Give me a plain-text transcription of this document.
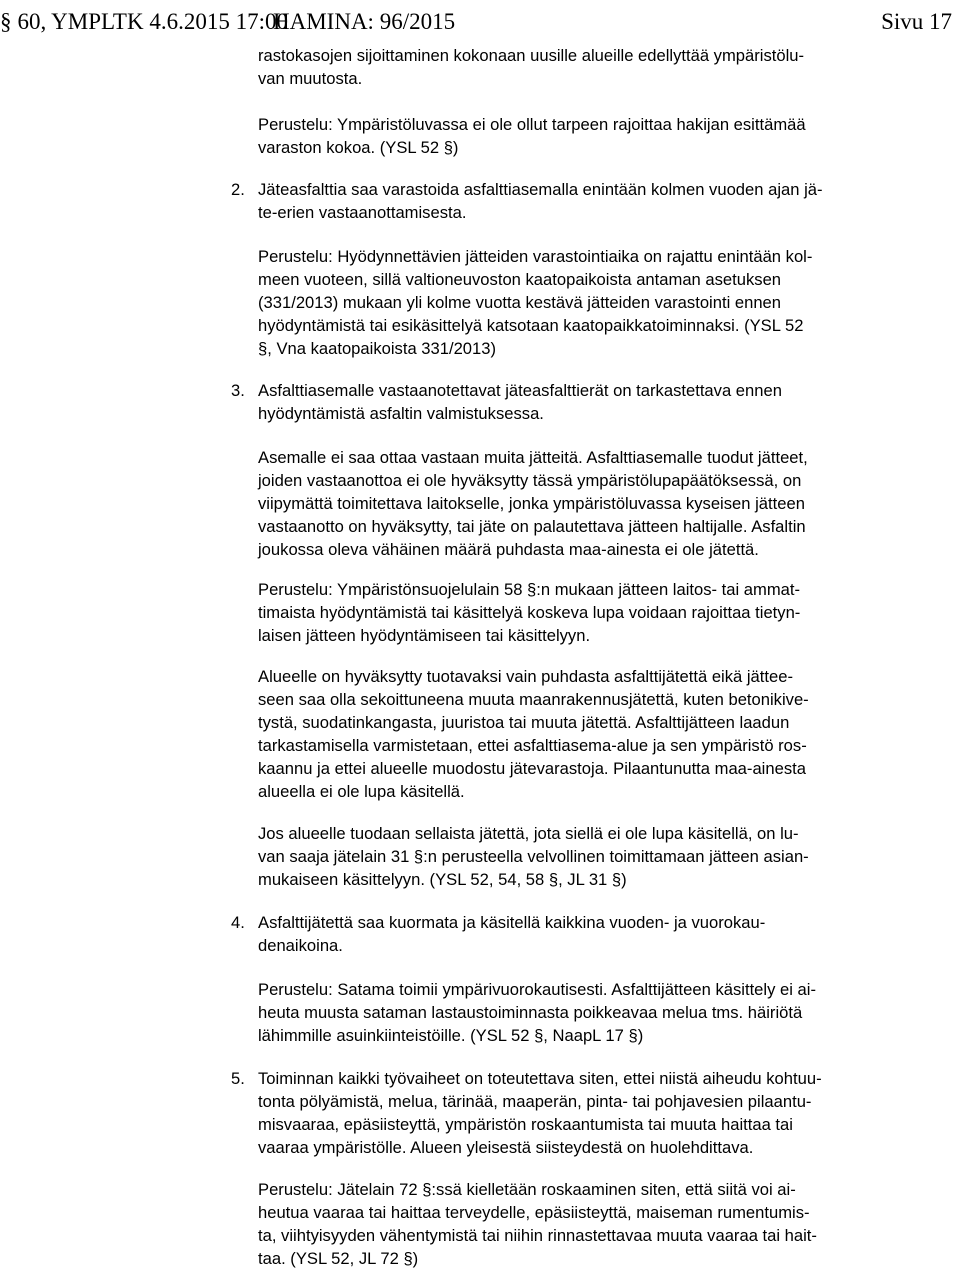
§ 60, YMPLTK 4.6.2015 17:00
HAMINA: 96/2015	Sivu 17
rastokasojen sijoittaminen kokonaan uusille alueille edellyttää ympäristölu-
van muutosta.
Perustelu: Ympäristöluvassa ei ole ollut tarpeen rajoittaa hakijan esittämää
varaston kokoa. (YSL 52 §)
2. Jäteasfalttia saa varastoida asfalttiasemalla enintään kolmen vuoden ajan jä-
te-erien vastaanottamisesta.
Perustelu: Hyödynnettävien jätteiden varastointiaika on rajattu enintään kol-
meen vuoteen, sillä valtioneuvoston kaatopaikoista antaman asetuksen
(331/2013) mukaan yli kolme vuotta kestävä jätteiden varastointi ennen
hyödyntämistä tai esikäsittelyä katsotaan kaatopaikkatoiminnaksi. (YSL 52
§, Vna kaatopaikoista 331/2013)
3. Asfalttiasemalle vastaanotettavat jäteasfalttierät on tarkastettava ennen
hyödyntämistä asfaltin valmistuksessa.
Asemalle ei saa ottaa vastaan muita jätteitä. Asfalttiasemalle tuodut jätteet,
joiden vastaanottoa ei ole hyväksytty tässä ympäristölupapäätöksessä, on
viipymättä toimitettava laitokselle, jonka ympäristöluvassa kyseisen jätteen
vastaanotto on hyväksytty, tai jäte on palautettava jätteen haltijalle. Asfaltin
joukossa oleva vähäinen määrä puhdasta maa-ainesta ei ole jätettä.
Perustelu: Ympäristönsuojelulain 58 §:n mukaan jätteen laitos- tai ammat-
timaista hyödyntämistä tai käsittelyä koskeva lupa voidaan rajoittaa tietyn-
laisen jätteen hyödyntämiseen tai käsittelyyn.
Alueelle on hyväksytty tuotavaksi vain puhdasta asfalttijätettä eikä jättee-
seen saa olla sekoittuneena muuta maanrakennusjätettä, kuten betonikive-
tystä, suodatinkangasta, juuristoa tai muuta jätettä. Asfalttijätteen laadun
tarkastamisella varmistetaan, ettei asfalttiasema-alue ja sen ympäristö ros-
kaannu ja ettei alueelle muodostu jätevarastoja. Pilaantunutta maa-ainesta
alueella ei ole lupa käsitellä.
Jos alueelle tuodaan sellaista jätettä, jota siellä ei ole lupa käsitellä, on lu-
van saaja jätelain 31 §:n perusteella velvollinen toimittamaan jätteen asian-
mukaiseen käsittelyyn. (YSL 52, 54, 58 §, JL 31 §)
4. Asfalttijätettä saa kuormata ja käsitellä kaikkina vuoden- ja vuorokau-
denaikoina.
Perustelu: Satama toimii ympärivuorokautisesti. Asfalttijätteen käsittely ei ai-
heuta muusta sataman lastaustoiminnasta poikkeavaa melua tms. häiriötä
lähimmille asuinkiinteistöille. (YSL 52 §, NaapL 17 §)
5. Toiminnan kaikki työvaiheet on toteutettava siten, ettei niistä aiheudu kohtuu-
tonta pölyämistä, melua, tärinää, maaperän, pinta- tai pohjavesien pilaantu-
misvaaraa, epäsiisteyttä, ympäristön roskaantumista tai muuta haittaa tai
vaaraa ympäristölle. Alueen yleisestä siisteydestä on huolehdittava.
Perustelu: Jätelain 72 §:ssä kielletään roskaaminen siten, että siitä voi ai-
heutua vaaraa tai haittaa terveydelle, epäsiisteyttä, maiseman rumentumis-
ta, viihtyisyyden vähentymistä tai niihin rinnastettavaa muuta vaaraa tai hait-
taa. (YSL 52, JL 72 §)
